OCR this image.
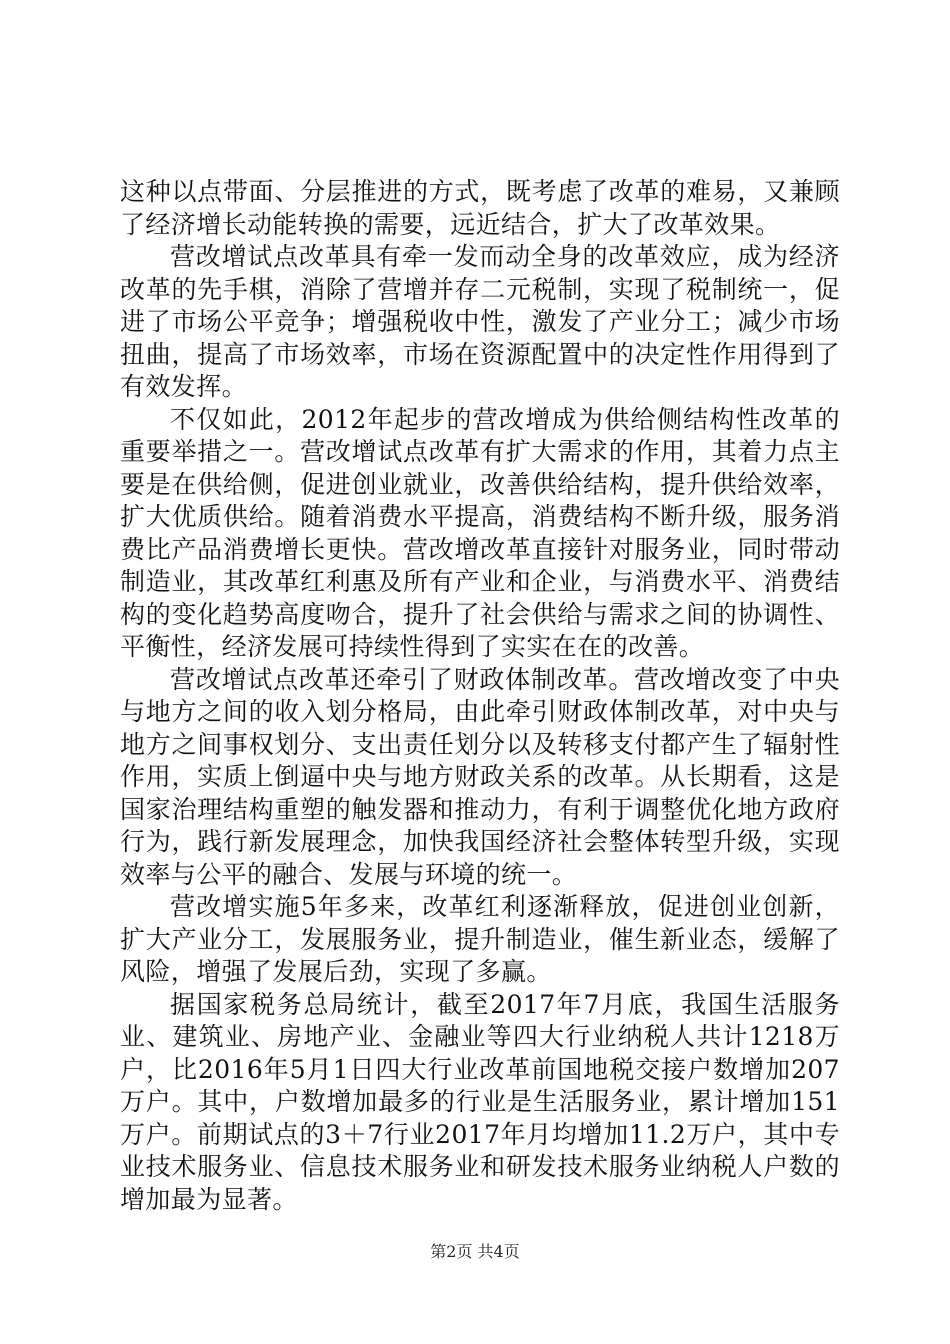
这种以点带面、分层推进的方式，既考虑了改革的难易，又兼顾了经济增长动能转换的需要，远近结合，扩大了改革效果。

营改增试点改革具有牵一发而动全身的改革效应，成为经济改革的先手棋，消除了营增并存二元税制，实现了税制统一，促进了市场公平竞争；增强税收中性，激发了产业分工；减少市场扭曲，提高了市场效率，市场在资源配置中的决定性作用得到了有效发挥。

不仅如此，2012年起步的营改增成为供给侧结构性改革的重要举措之一。营改增试点改革有扩大需求的作用，其着力点主要是在供给侧，促进创业就业，改善供给结构，提升供给效率，扩大优质供给。随着消费水平提高，消费结构不断升级，服务消费比产品消费增长更快。营改增改革直接针对服务业，同时带动制造业，其改革红利惠及所有产业和企业，与消费水平、消费结构的变化趋势高度吻合，提升了社会供给与需求之间的协调性、平衡性，经济发展可持续性得到了实实在在的改善。

营改增试点改革还牵引了财政体制改革。营改增改变了中央与地方之间的收入划分格局，由此牵引财政体制改革，对中央与地方之间事权划分、支出责任划分以及转移支付都产生了辐射性作用，实质上倒逼中央与地方财政关系的改革。从长期看，这是国家治理结构重塑的触发器和推动力，有利于调整优化地方政府行为，践行新发展理念，加快我国经济社会整体转型升级，实现效率与公平的融合、发展与环境的统一。

营改增实施5年多来，改革红利逐渐释放，促进创业创新，扩大产业分工，发展服务业，提升制造业，催生新业态，缓解了风险，增强了发展后劲，实现了多赢。

据国家税务总局统计，截至2017年7月底，我国生活服务业、建筑业、房地产业、金融业等四大行业纳税人共计1218万户，比2016年5月1日四大行业改革前国地税交接户数增加207万户。其中，户数增加最多的行业是生活服务业，累计增加151万户。前期试点的3＋7行业2017年月均增加11.2万户，其中专业技术服务业、信息技术服务业和研发技术服务业纳税人户数的增加最为显著。

第2页 共4页
